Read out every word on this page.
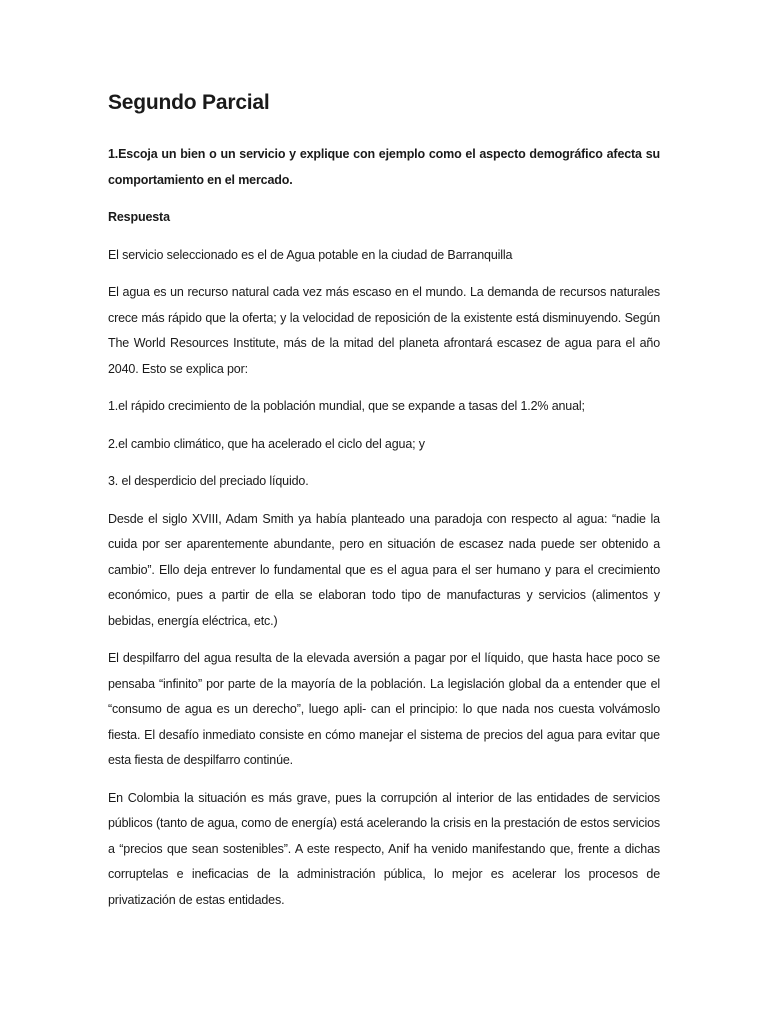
Segundo Parcial

1.Escoja un bien o un servicio y explique con ejemplo como el aspecto demográfico afecta su comportamiento en el mercado.

Respuesta

El servicio seleccionado es el de Agua potable en la ciudad de Barranquilla

El agua es un recurso natural cada vez más escaso en el mundo. La demanda de recursos naturales crece más rápido que la oferta; y la velocidad de reposición de la existente está disminuyendo. Según The World Resources Institute, más de la mitad del planeta afrontará escasez de agua para el año 2040. Esto se explica por:

1.el rápido crecimiento de la población mundial, que se expande a tasas del 1.2% anual;

2.el cambio climático, que ha acelerado el ciclo del agua; y

3. el desperdicio del preciado líquido.

Desde el siglo XVIII, Adam Smith ya había planteado una paradoja con respecto al agua: “nadie la cuida por ser aparentemente abundante, pero en situación de escasez nada puede ser obtenido a cambio”. Ello deja entrever lo fundamental que es el agua para el ser humano y para el crecimiento económico, pues a partir de ella se elaboran todo tipo de manufacturas y servicios (alimentos y bebidas, energía eléctrica, etc.)

El despilfarro del agua resulta de la elevada aversión a pagar por el líquido, que hasta hace poco se pensaba “infinito” por parte de la mayoría de la población. La legislación global da a entender que el “consumo de agua es un derecho”, luego apli- can el principio: lo que nada nos cuesta volvámoslo fiesta. El desafío inmediato consiste en cómo manejar el sistema de precios del agua para evitar que esta fiesta de despilfarro continúe.

En Colombia la situación es más grave, pues la corrupción al interior de las entidades de servicios públicos (tanto de agua, como de energía) está acelerando la crisis en la prestación de estos servicios a “precios que sean sostenibles”. A este respecto, Anif ha venido manifestando que, frente a dichas corruptelas e ineficacias de la administración pública, lo mejor es acelerar los procesos de privatización de estas entidades.
